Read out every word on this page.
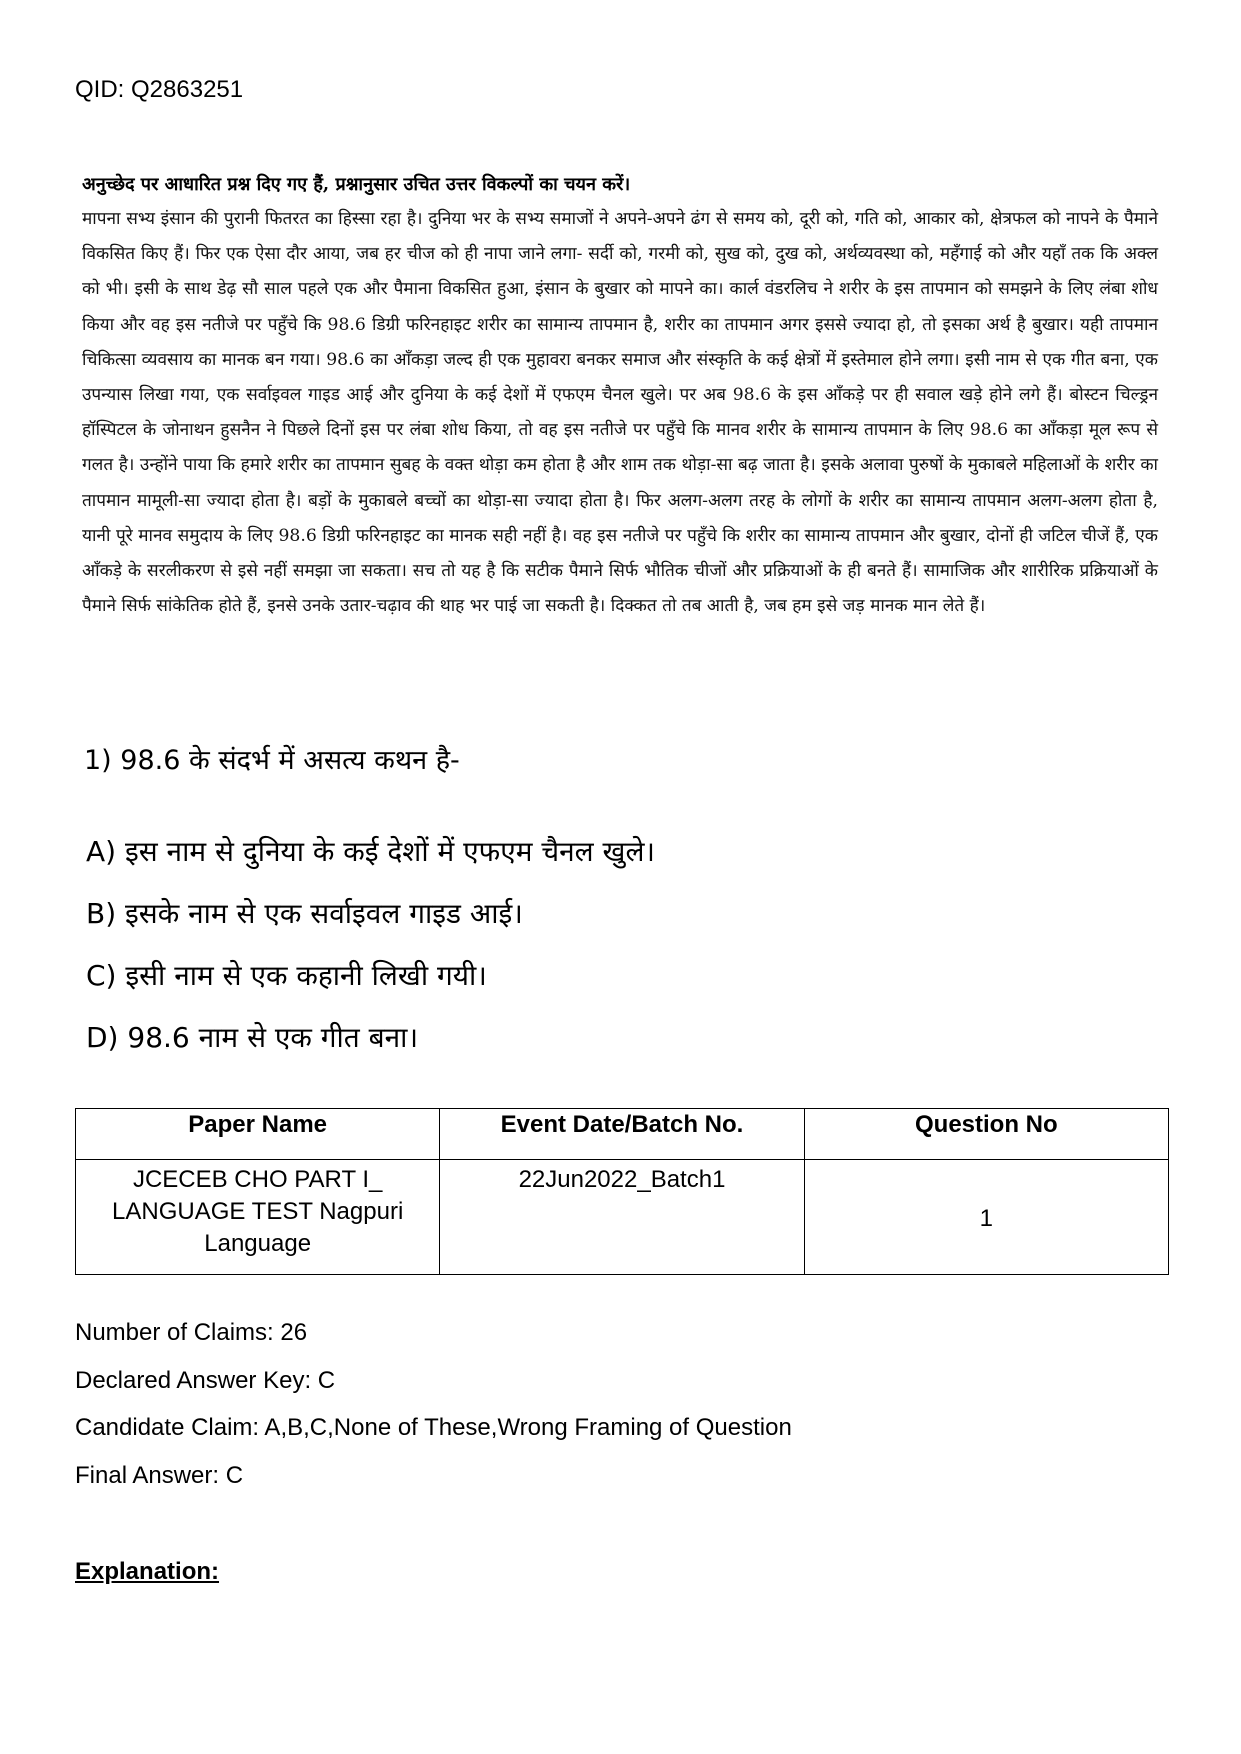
QID: Q2863251

अनुच्छेद पर आधारित प्रश्न दिए गए हैं, प्रश्नानुसार उचित उत्तर विकल्पों का चयन करें।

मापना सभ्य इंसान की पुरानी फितरत का हिस्सा रहा है। दुनिया भर के सभ्य समाजों ने अपने-अपने ढंग से समय को, दूरी को, गति को, आकार को, क्षेत्रफल को नापने के पैमाने विकसित किए हैं। फिर एक ऐसा दौर आया, जब हर चीज को ही नापा जाने लगा- सर्दी को, गरमी को, सुख को, दुख को, अर्थव्यवस्था को, महँगाई को और यहाँ तक कि अक्ल को भी। इसी के साथ डेढ़ सौ साल पहले एक और पैमाना विकसित हुआ, इंसान के बुखार को मापने का। कार्ल वंडरलिच ने शरीर के इस तापमान को समझने के लिए लंबा शोध किया और वह इस नतीजे पर पहुँचे कि 98.6 डिग्री फरिनहाइट शरीर का सामान्य तापमान है, शरीर का तापमान अगर इससे ज्यादा हो, तो इसका अर्थ है बुखार। यही तापमान चिकित्सा व्यवसाय का मानक बन गया। 98.6 का आँकड़ा जल्द ही एक मुहावरा बनकर समाज और संस्कृति के कई क्षेत्रों में इस्तेमाल होने लगा। इसी नाम से एक गीत बना, एक उपन्यास लिखा गया, एक सर्वाइवल गाइड आई और दुनिया के कई देशों में एफएम चैनल खुले। पर अब 98.6 के इस आँकड़े पर ही सवाल खड़े होने लगे हैं। बोस्टन चिल्ड्रन हॉस्पिटल के जोनाथन हुसनैन ने पिछले दिनों इस पर लंबा शोध किया, तो वह इस नतीजे पर पहुँचे कि मानव शरीर के सामान्य तापमान के लिए 98.6 का आँकड़ा मूल रूप से गलत है। उन्होंने पाया कि हमारे शरीर का तापमान सुबह के वक्त थोड़ा कम होता है और शाम तक थोड़ा-सा बढ़ जाता है। इसके अलावा पुरुषों के मुकाबले महिलाओं के शरीर का तापमान मामूली-सा ज्यादा होता है। बड़ों के मुकाबले बच्चों का थोड़ा-सा ज्यादा होता है। फिर अलग-अलग तरह के लोगों के शरीर का सामान्य तापमान अलग-अलग होता है, यानी पूरे मानव समुदाय के लिए 98.6 डिग्री फरिनहाइट का मानक सही नहीं है। वह इस नतीजे पर पहुँचे कि शरीर का सामान्य तापमान और बुखार, दोनों ही जटिल चीजें हैं, एक आँकड़े के सरलीकरण से इसे नहीं समझा जा सकता। सच तो यह है कि सटीक पैमाने सिर्फ भौतिक चीजों और प्रक्रियाओं के ही बनते हैं। सामाजिक और शारीरिक प्रक्रियाओं के पैमाने सिर्फ सांकेतिक होते हैं, इनसे उनके उतार-चढ़ाव की थाह भर पाई जा सकती है। दिक्कत तो तब आती है, जब हम इसे जड़ मानक मान लेते हैं।

1) 98.6 के संदर्भ में असत्य कथन है-
A) इस नाम से दुनिया के कई देशों में एफएम चैनल खुले।
B) इसके नाम से एक सर्वाइवल गाइड आई।
C) इसी नाम से एक कहानी लिखी गयी।
D) 98.6 नाम से एक गीत बना।
Paper Name	Event Date/Batch No.	Question No
JCECEB CHO PART I_ LANGUAGE TEST Nagpuri Language	22Jun2022_Batch1	1
Number of Claims: 26
Declared Answer Key: C
Candidate Claim: A,B,C,None of These,Wrong Framing of Question
Final Answer: C
Explanation:
